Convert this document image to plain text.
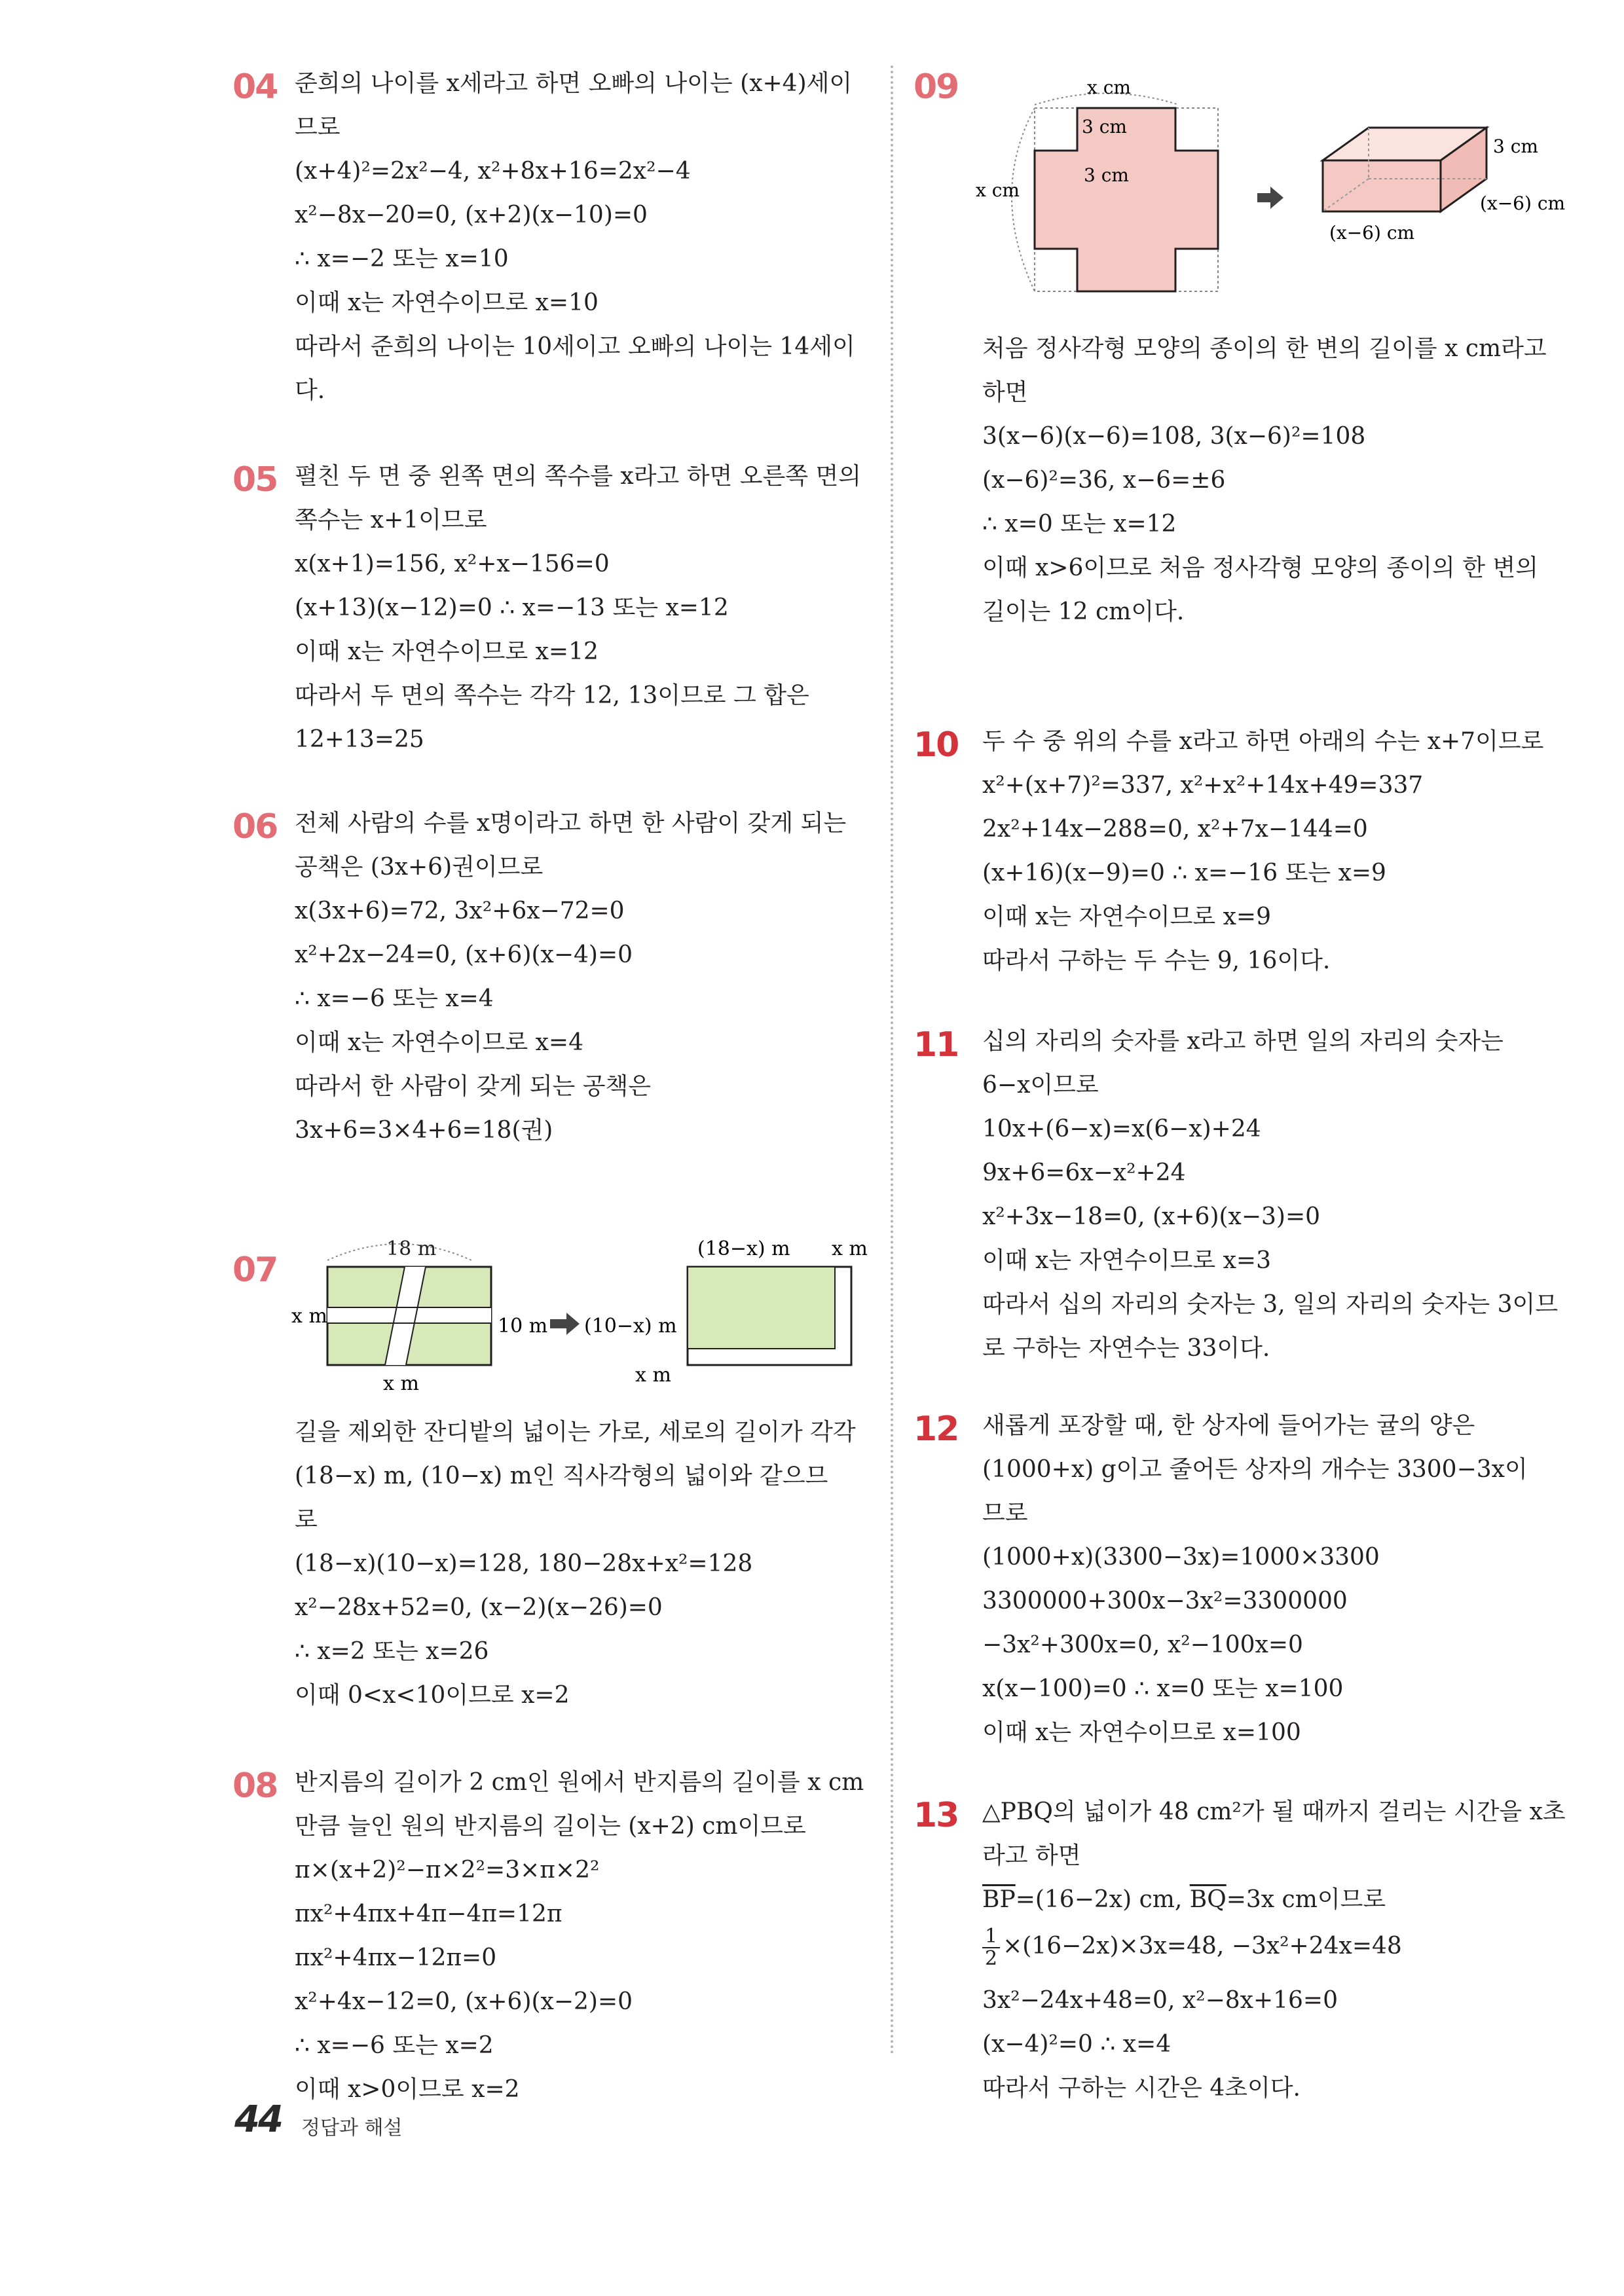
04 준희의 나이를 x세라고 하면 오빠의 나이는 (x+4)세이
므로
(x+4)²=2x²−4, x²+8x+16=2x²−4
x²−8x−20=0, (x+2)(x−10)=0
∴ x=−2 또는 x=10
이때 x는 자연수이므로 x=10
따라서 준희의 나이는 10세이고 오빠의 나이는 14세이
다.
05 펼친 두 면 중 왼쪽 면의 쪽수를 x라고 하면 오른쪽 면의
쪽수는 x+1이므로
x(x+1)=156, x²+x−156=0
(x+13)(x−12)=0 ∴ x=−13 또는 x=12
이때 x는 자연수이므로 x=12
따라서 두 면의 쪽수는 각각 12, 13이므로 그 합은
12+13=25
06 전체 사람의 수를 x명이라고 하면 한 사람이 갖게 되는
공책은 (3x+6)권이므로
x(3x+6)=72, 3x²+6x−72=0
x²+2x−24=0, (x+6)(x−4)=0
∴ x=−6 또는 x=4
이때 x는 자연수이므로 x=4
따라서 한 사람이 갖게 되는 공책은
3x+6=3×4+6=18(권)
07
18 m
x m	10 m
x m
(18−x) m x m
(10−x) m
x m
길을 제외한 잔디밭의 넓이는 가로, 세로의 길이가 각각
(18−x) m, (10−x) m인 직사각형의 넓이와 같으므
로
(18−x)(10−x)=128, 180−28x+x²=128
x²−28x+52=0, (x−2)(x−26)=0
∴ x=2 또는 x=26
이때 0<x<10이므로 x=2
08 반지름의 길이가 2 cm인 원에서 반지름의 길이를 x cm
만큼 늘인 원의 반지름의 길이는 (x+2) cm이므로
π×(x+2)²−π×2²=3×π×2²
πx²+4πx+4π−4π=12π
πx²+4πx−12π=0
x²+4x−12=0, (x+6)(x−2)=0
∴ x=−6 또는 x=2
이때 x>0이므로 x=2
09	x cm
x cm
3 cm
3 cm
3 cm
(x−6) cm
(x−6) cm
처음 정사각형 모양의 종이의 한 변의 길이를 x cm라고
하면
3(x−6)(x−6)=108, 3(x−6)²=108
(x−6)²=36, x−6=±6
∴ x=0 또는 x=12
이때 x>6이므로 처음 정사각형 모양의 종이의 한 변의
길이는 12 cm이다.
10 두 수 중 위의 수를 x라고 하면 아래의 수는 x+7이므로
x²+(x+7)²=337, x²+x²+14x+49=337
2x²+14x−288=0, x²+7x−144=0
(x+16)(x−9)=0 ∴ x=−16 또는 x=9
이때 x는 자연수이므로 x=9
따라서 구하는 두 수는 9, 16이다.
11 십의 자리의 숫자를 x라고 하면 일의 자리의 숫자는
6−x이므로
10x+(6−x)=x(6−x)+24
9x+6=6x−x²+24
x²+3x−18=0, (x+6)(x−3)=0
이때 x는 자연수이므로 x=3
따라서 십의 자리의 숫자는 3, 일의 자리의 숫자는 3이므
로 구하는 자연수는 33이다.
12 새롭게 포장할 때, 한 상자에 들어가는 귤의 양은
(1000+x) g이고 줄어든 상자의 개수는 3300−3x이
므로
(1000+x)(3300−3x)=1000×3300
3300000+300x−3x²=3300000
−3x²+300x=0, x²−100x=0
x(x−100)=0 ∴ x=0 또는 x=100
이때 x는 자연수이므로 x=100
13 △PBQ의 넓이가 48 cm²가 될 때까지 걸리는 시간을 x초
라고 하면
$\overline{BP}=(16-2x)$ cm, $\overline{BQ}=3x$ cm이므로
$\frac{1}{2} \times(16-2x)\times 3x=48$, −3x²+24x=48
3x²−24x+48=0, x²−8x+16=0
(x−4)²=0 ∴ x=4
따라서 구하는 시간은 4초이다.
44 정답과 해설
